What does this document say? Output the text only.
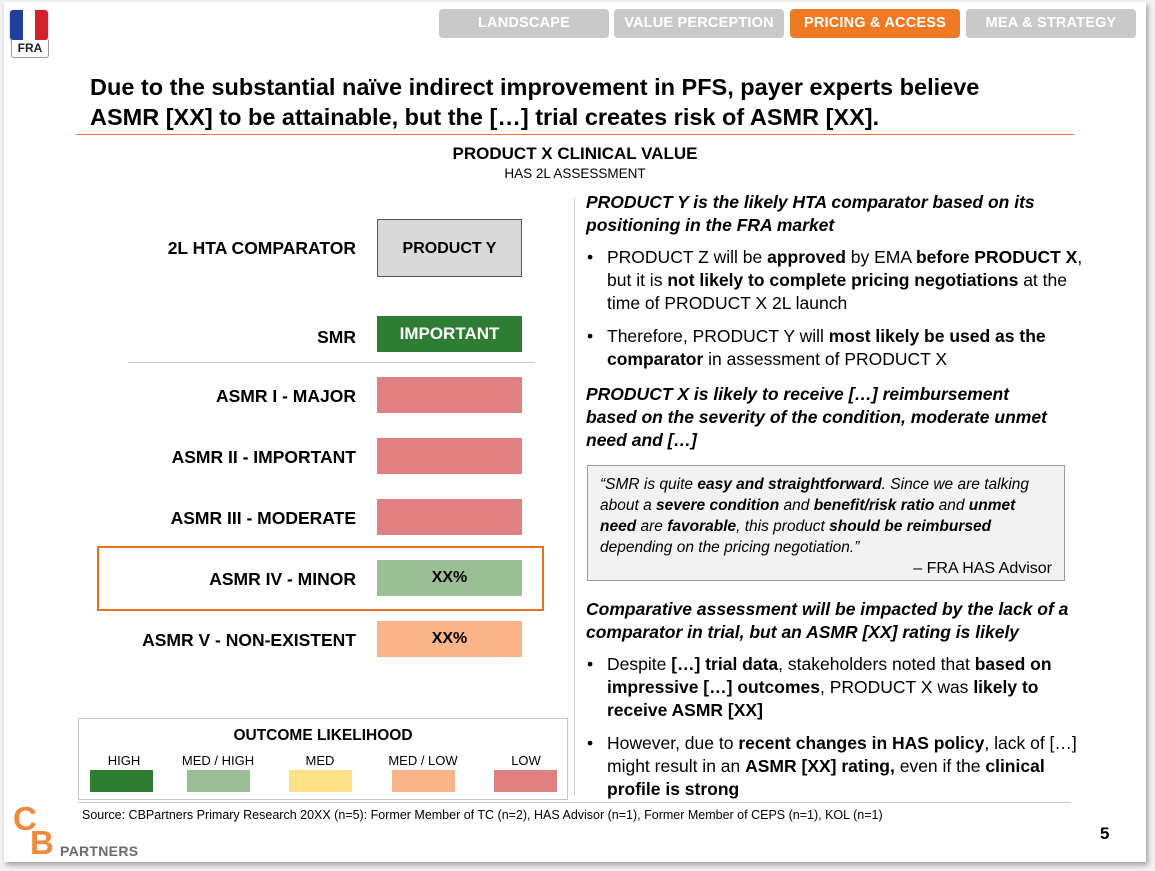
FRA
LANDSCAPE	VALUE PERCEPTION	PRICING & ACCESS	MEA & STRATEGY
Due to the substantial naïve indirect improvement in PFS, payer experts believe
ASMR [XX] to be attainable, but the […] trial creates risk of ASMR [XX].
PRODUCT X CLINICAL VALUE
HAS 2L ASSESSMENT
2L HTA COMPARATOR	PRODUCT Y
SMR	IMPORTANT
ASMR I - MAJOR
ASMR II - IMPORTANT
ASMR III - MODERATE
ASMR IV - MINOR	XX%
ASMR V - NON-EXISTENT	XX%
OUTCOME LIKELIHOOD
HIGH	MED / HIGH	MED	MED / LOW	LOW
PRODUCT Y is the likely HTA comparator based on its positioning in the FRA market
• PRODUCT Z will be approved by EMA before PRODUCT X, but it is not likely to complete pricing negotiations at the time of PRODUCT X 2L launch
• Therefore, PRODUCT Y will most likely be used as the comparator in assessment of PRODUCT X
PRODUCT X is likely to receive […] reimbursement based on the severity of the condition, moderate unmet need and […]
“SMR is quite easy and straightforward. Since we are talking about a severe condition and benefit/risk ratio and unmet need are favorable, this product should be reimbursed depending on the pricing negotiation.”
– FRA HAS Advisor
Comparative assessment will be impacted by the lack of a comparator in trial, but an ASMR [XX] rating is likely
• Despite […] trial data, stakeholders noted that based on impressive […] outcomes, PRODUCT X was likely to receive ASMR [XX]
• However, due to recent changes in HAS policy, lack of […] might result in an ASMR [XX] rating, even if the clinical profile is strong
Source: CBPartners Primary Research 20XX (n=5): Former Member of TC (n=2), HAS Advisor (n=1), Former Member of CEPS (n=1), KOL (n=1)
5
C
B PARTNERS
